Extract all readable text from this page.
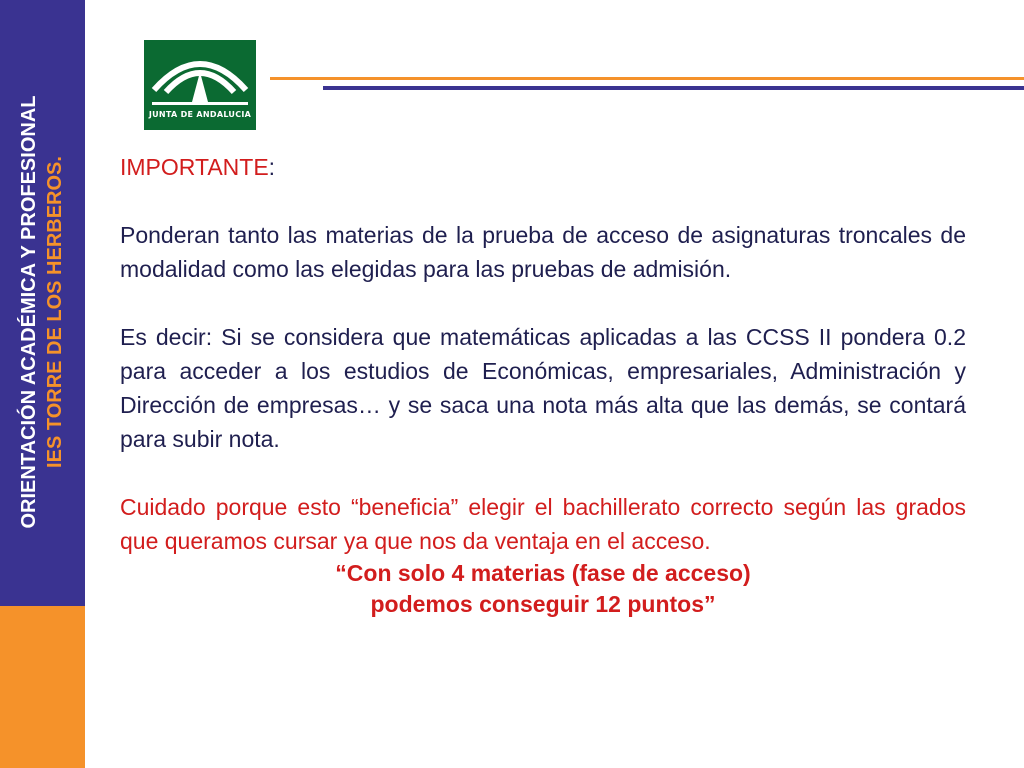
ORIENTACIÓN ACADÉMICA Y PROFESIONAL IES TORRE DE LOS HERBEROS.
JUNTA DE ANDALUCIA

IMPORTANTE:

Ponderan tanto las materias de la prueba de acceso de asignaturas troncales de modalidad como las elegidas para las pruebas de admisión.

Es decir: Si se considera que matemáticas aplicadas a las CCSS II pondera 0.2 para acceder a los estudios de Económicas, empresariales, Administración y Dirección de empresas… y se saca una nota más alta que las demás, se contará para subir nota.

Cuidado porque esto “beneficia” elegir el bachillerato correcto según las grados que queramos cursar ya que nos da ventaja en el acceso.

“Con solo 4 materias (fase de acceso)

podemos conseguir 12 puntos”
